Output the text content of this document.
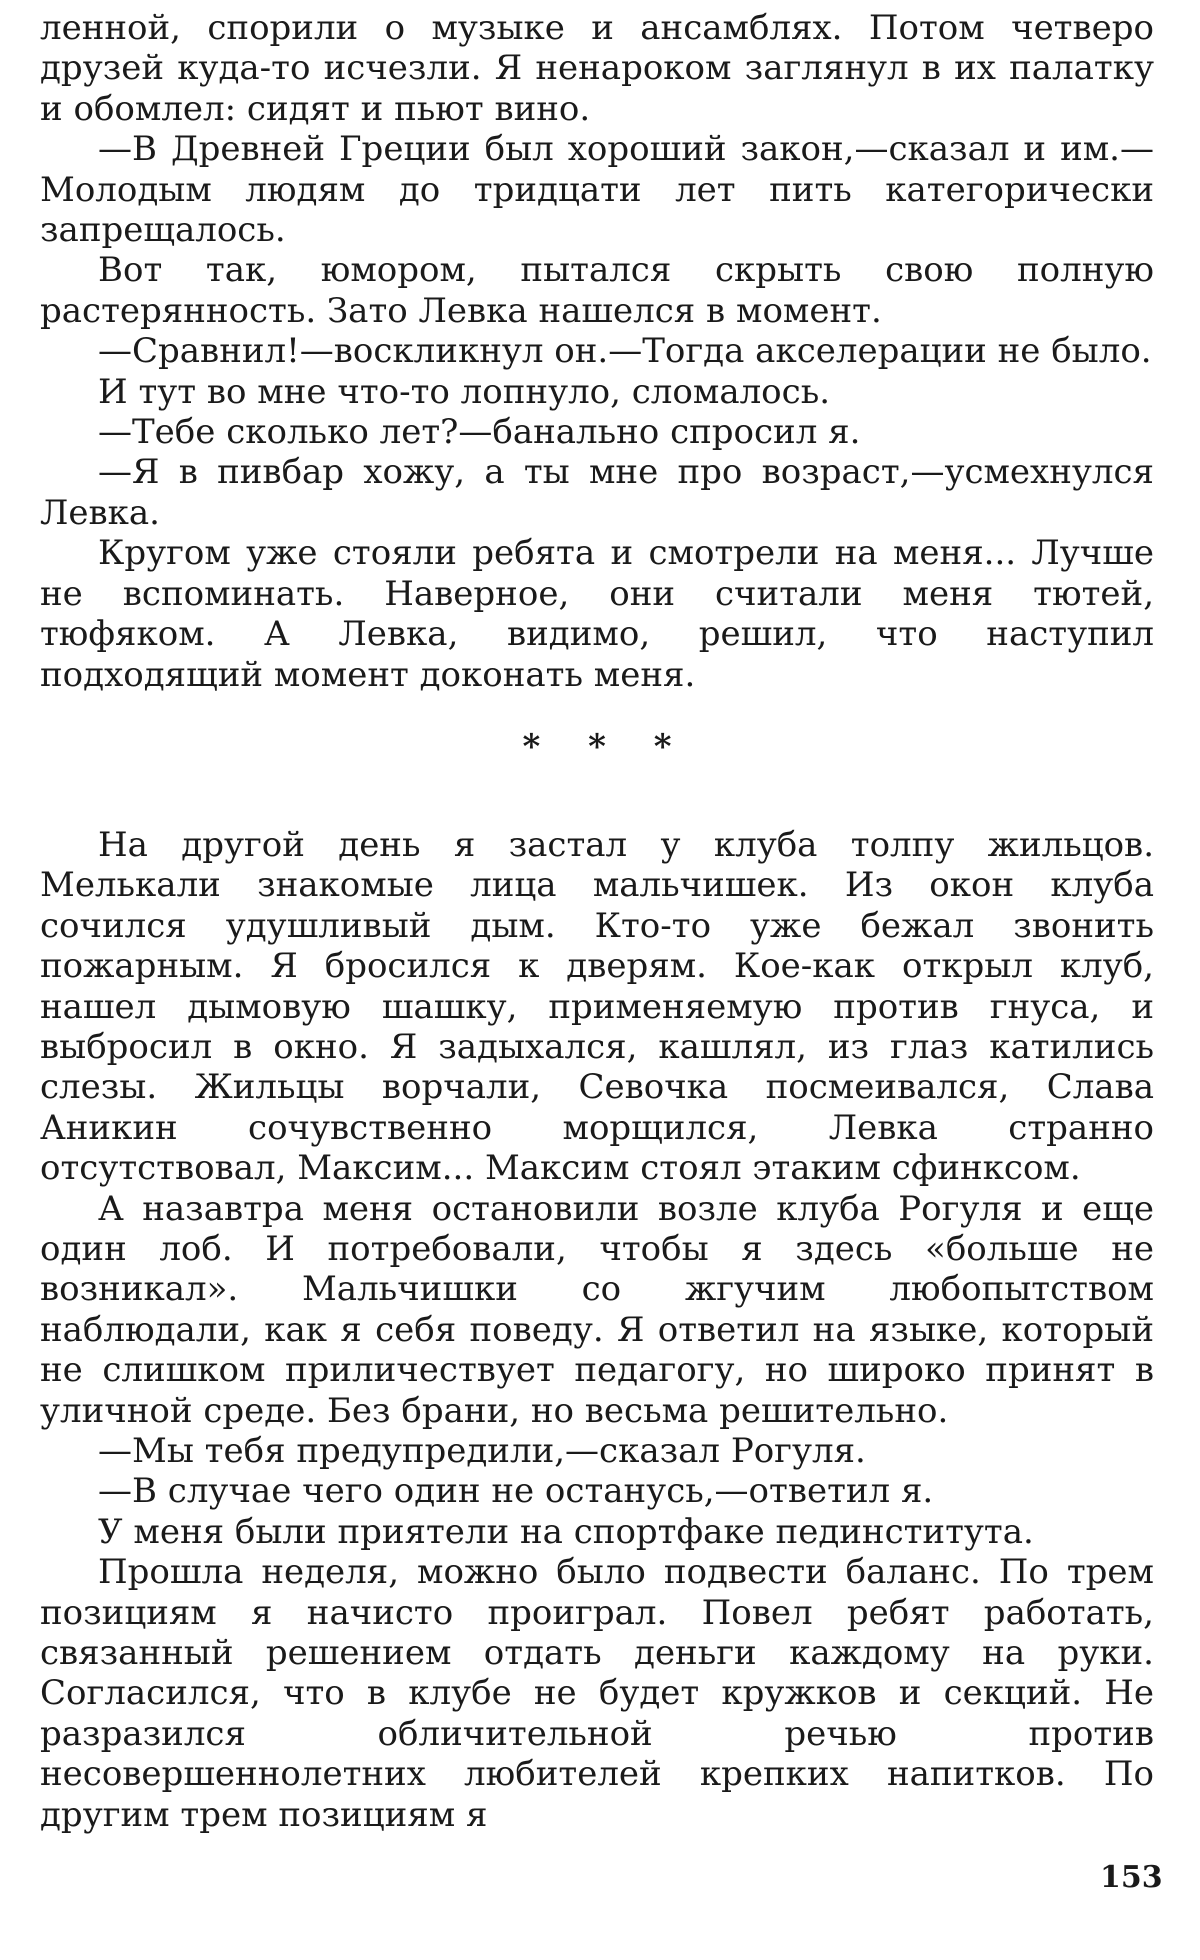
ленной, спорили о музыке и ансамблях. Потом четверо друзей куда-то исчезли. Я ненароком заглянул в их палатку и обомлел: сидят и пьют вино.

—В Древней Греции был хороший закон,—сказал и им.—Молодым людям до тридцати лет пить категорически запрещалось.

Вот так, юмором, пытался скрыть свою полную растерянность. Зато Левка нашелся в момент.

—Сравнил!—воскликнул он.—Тогда акселерации не было.

И тут во мне что-то лопнуло, сломалось.

—Тебе сколько лет?—банально спросил я.

—Я в пивбар хожу, а ты мне про возраст,—усмехнулся Левка.

Кругом уже стояли ребята и смотрели на меня... Лучше не вспоминать. Наверное, они считали меня тютей, тюфяком. А Левка, видимо, решил, что наступил подходящий момент доконать меня.

* * *

На другой день я застал у клуба толпу жильцов. Мелькали знакомые лица мальчишек. Из окон клуба сочился удушливый дым. Кто-то уже бежал звонить пожарным. Я бросился к дверям. Кое-как открыл клуб, нашел дымовую шашку, применяемую против гнуса, и выбросил в окно. Я задыхался, кашлял, из глаз катились слезы. Жильцы ворчали, Севочка посмеивался, Слава Аникин сочувственно морщился, Левка странно отсутствовал, Максим... Максим стоял этаким сфинксом.

А назавтра меня остановили возле клуба Рогуля и еще один лоб. И потребовали, чтобы я здесь «больше не возникал». Мальчишки со жгучим любопытством наблюдали, как я себя поведу. Я ответил на языке, который не слишком приличествует педагогу, но широко принят в уличной среде. Без брани, но весьма решительно.

—Мы тебя предупредили,—сказал Рогуля.

—В случае чего один не останусь,—ответил я.

У меня были приятели на спортфаке пединститута.

Прошла неделя, можно было подвести баланс. По трем позициям я начисто проиграл. Повел ребят работать, связанный решением отдать деньги каждому на руки. Согласился, что в клубе не будет кружков и секций. Не разразился обличительной речью против несовершеннолетних любителей крепких напитков. По другим трем позициям я

153
